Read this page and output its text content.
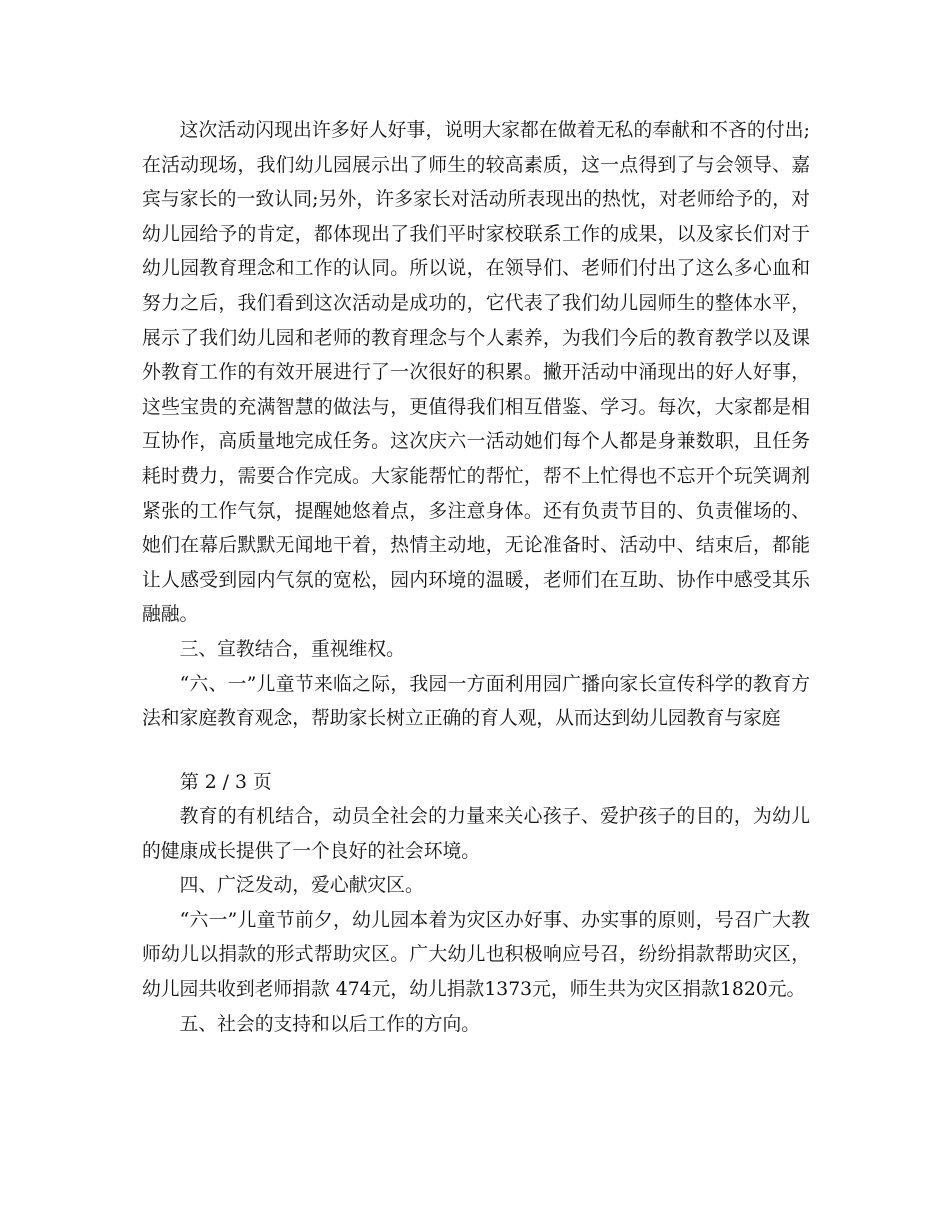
这次活动闪现出许多好人好事，说明大家都在做着无私的奉献和不吝的付出;在活动现场，我们幼儿园展示出了师生的较高素质，这一点得到了与会领导、嘉宾与家长的一致认同;另外，许多家长对活动所表现出的热忱，对老师给予的，对幼儿园给予的肯定，都体现出了我们平时家校联系工作的成果，以及家长们对于幼儿园教育理念和工作的认同。所以说，在领导们、老师们付出了这么多心血和努力之后，我们看到这次活动是成功的，它代表了我们幼儿园师生的整体水平，展示了我们幼儿园和老师的教育理念与个人素养，为我们今后的教育教学以及课外教育工作的有效开展进行了一次很好的积累。撇开活动中涌现出的好人好事，这些宝贵的充满智慧的做法与，更值得我们相互借鉴、学习。每次，大家都是相互协作，高质量地完成任务。这次庆六一活动她们每个人都是身兼数职，且任务耗时费力，需要合作完成。大家能帮忙的帮忙，帮不上忙得也不忘开个玩笑调剂紧张的工作气氛，提醒她悠着点，多注意身体。还有负责节目的、负责催场的、她们在幕后默默无闻地干着，热情主动地，无论准备时、活动中、结束后，都能让人感受到园内气氛的宽松，园内环境的温暖，老师们在互助、协作中感受其乐融融。

三、宣教结合，重视维权。

“六、一”儿童节来临之际，我园一方面利用园广播向家长宣传科学的教育方法和家庭教育观念，帮助家长树立正确的育人观，从而达到幼儿园教育与家庭

第 2 / 3 页

教育的有机结合，动员全社会的力量来关心孩子、爱护孩子的目的，为幼儿的健康成长提供了一个良好的社会环境。

四、广泛发动，爱心献灾区。

“六一”儿童节前夕，幼儿园本着为灾区办好事、办实事的原则，号召广大教师幼儿以捐款的形式帮助灾区。广大幼儿也积极响应号召，纷纷捐款帮助灾区，幼儿园共收到老师捐款 474元，幼儿捐款1373元，师生共为灾区捐款1820元。

五、社会的支持和以后工作的方向。
